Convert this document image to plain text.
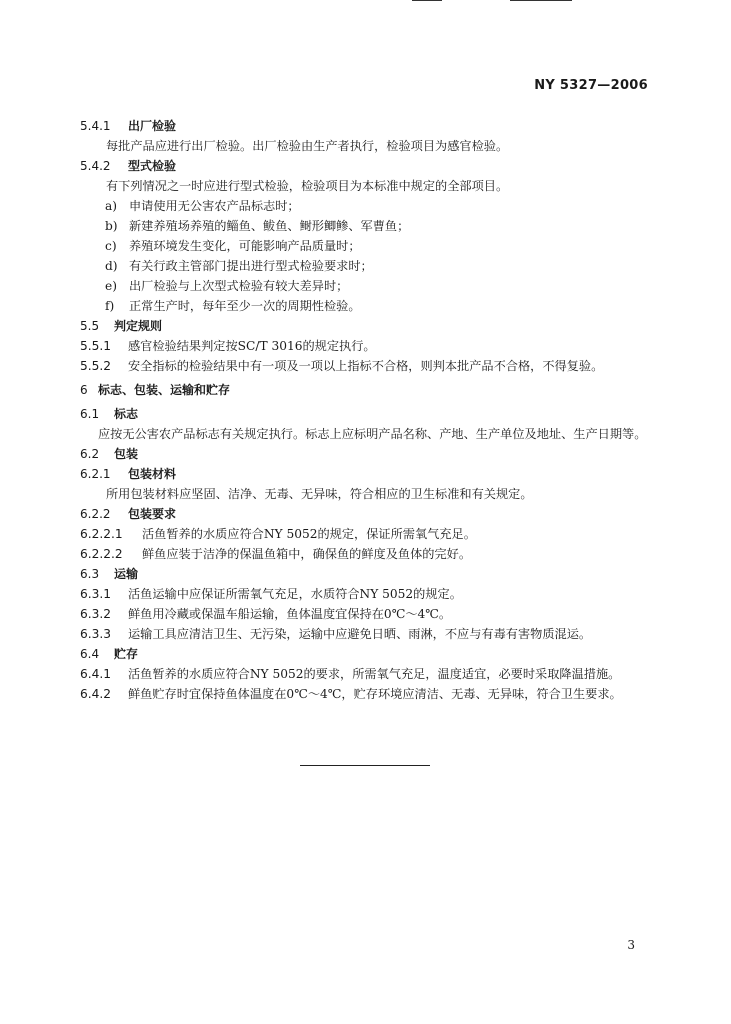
NY 5327—2006
5.4.1 出厂检验
每批产品应进行出厂检验。出厂检验由生产者执行，检验项目为感官检验。
5.4.2 型式检验
有下列情况之一时应进行型式检验，检验项目为本标准中规定的全部项目。
a) 申请使用无公害农产品标志时；
b) 新建养殖场养殖的鲻鱼、鲅鱼、鲥形鲫鲹、军曹鱼；
c) 养殖环境发生变化，可能影响产品质量时；
d) 有关行政主管部门提出进行型式检验要求时；
e) 出厂检验与上次型式检验有较大差异时；
f) 正常生产时，每年至少一次的周期性检验。
5.5 判定规则
5.5.1 感官检验结果判定按SC/T 3016的规定执行。
5.5.2 安全指标的检验结果中有一项及一项以上指标不合格，则判本批产品不合格，不得复验。
6 标志、包装、运输和贮存
6.1 标志
应按无公害农产品标志有关规定执行。标志上应标明产品名称、产地、生产单位及地址、生产日期等。
6.2 包装
6.2.1 包装材料
所用包装材料应坚固、洁净、无毒、无异味，符合相应的卫生标准和有关规定。
6.2.2 包装要求
6.2.2.1 活鱼暂养的水质应符合NY 5052的规定，保证所需氧气充足。
6.2.2.2 鲜鱼应装于洁净的保温鱼箱中，确保鱼的鲜度及鱼体的完好。
6.3 运输
6.3.1 活鱼运输中应保证所需氧气充足，水质符合NY 5052的规定。
6.3.2 鲜鱼用冷藏或保温车船运输，鱼体温度宜保持在0℃～4℃。
6.3.3 运输工具应清洁卫生、无污染，运输中应避免日晒、雨淋，不应与有毒有害物质混运。
6.4 贮存
6.4.1 活鱼暂养的水质应符合NY 5052的要求，所需氧气充足，温度适宜，必要时采取降温措施。
6.4.2 鲜鱼贮存时宜保持鱼体温度在0℃～4℃，贮存环境应清洁、无毒、无异味，符合卫生要求。
3
